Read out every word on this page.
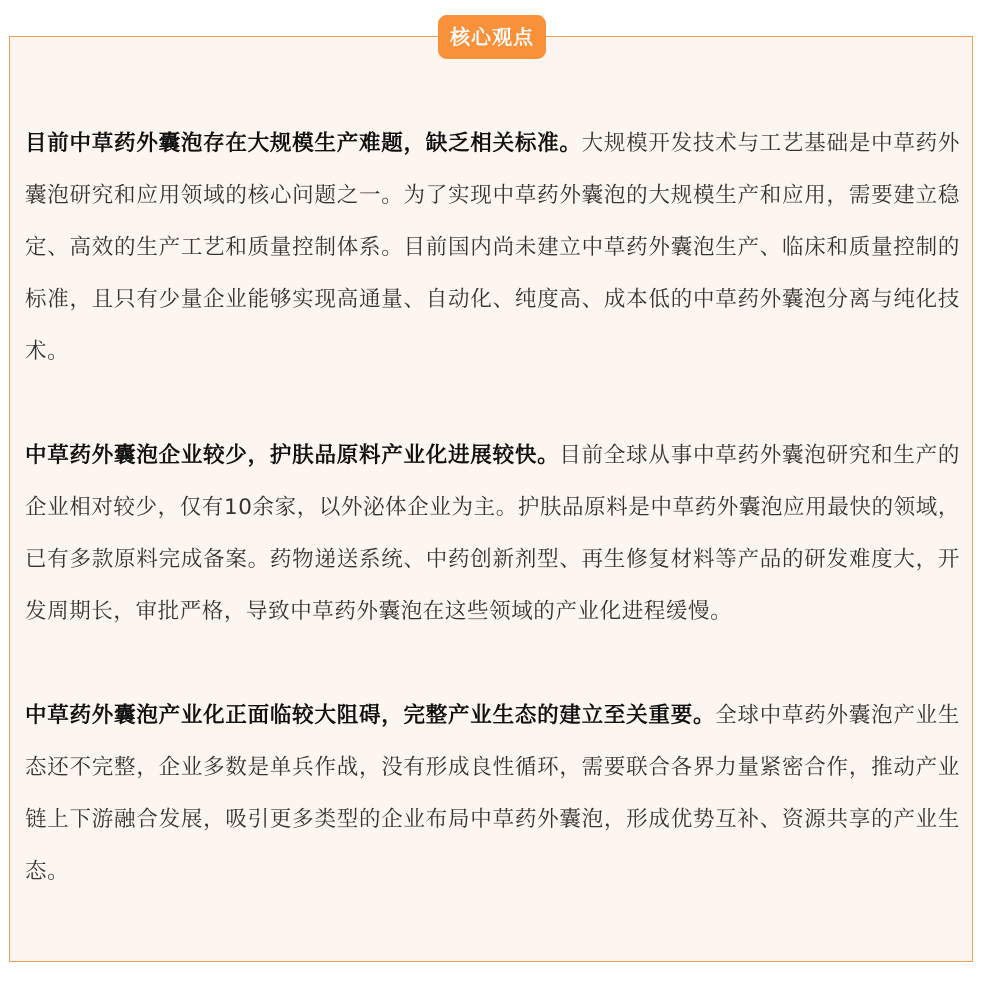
核心观点

目前中草药外囊泡存在大规模生产难题，缺乏相关标准。大规模开发技术与工艺基础是中草药外囊泡研究和应用领域的核心问题之一。为了实现中草药外囊泡的大规模生产和应用，需要建立稳定、高效的生产工艺和质量控制体系。目前国内尚未建立中草药外囊泡生产、临床和质量控制的标准，且只有少量企业能够实现高通量、自动化、纯度高、成本低的中草药外囊泡分离与纯化技术。

中草药外囊泡企业较少，护肤品原料产业化进展较快。目前全球从事中草药外囊泡研究和生产的企业相对较少，仅有10余家，以外泌体企业为主。护肤品原料是中草药外囊泡应用最快的领域，已有多款原料完成备案。药物递送系统、中药创新剂型、再生修复材料等产品的研发难度大，开发周期长，审批严格，导致中草药外囊泡在这些领域的产业化进程缓慢。

中草药外囊泡产业化正面临较大阻碍，完整产业生态的建立至关重要。全球中草药外囊泡产业生态还不完整，企业多数是单兵作战，没有形成良性循环，需要联合各界力量紧密合作，推动产业链上下游融合发展，吸引更多类型的企业布局中草药外囊泡，形成优势互补、资源共享的产业生态。
